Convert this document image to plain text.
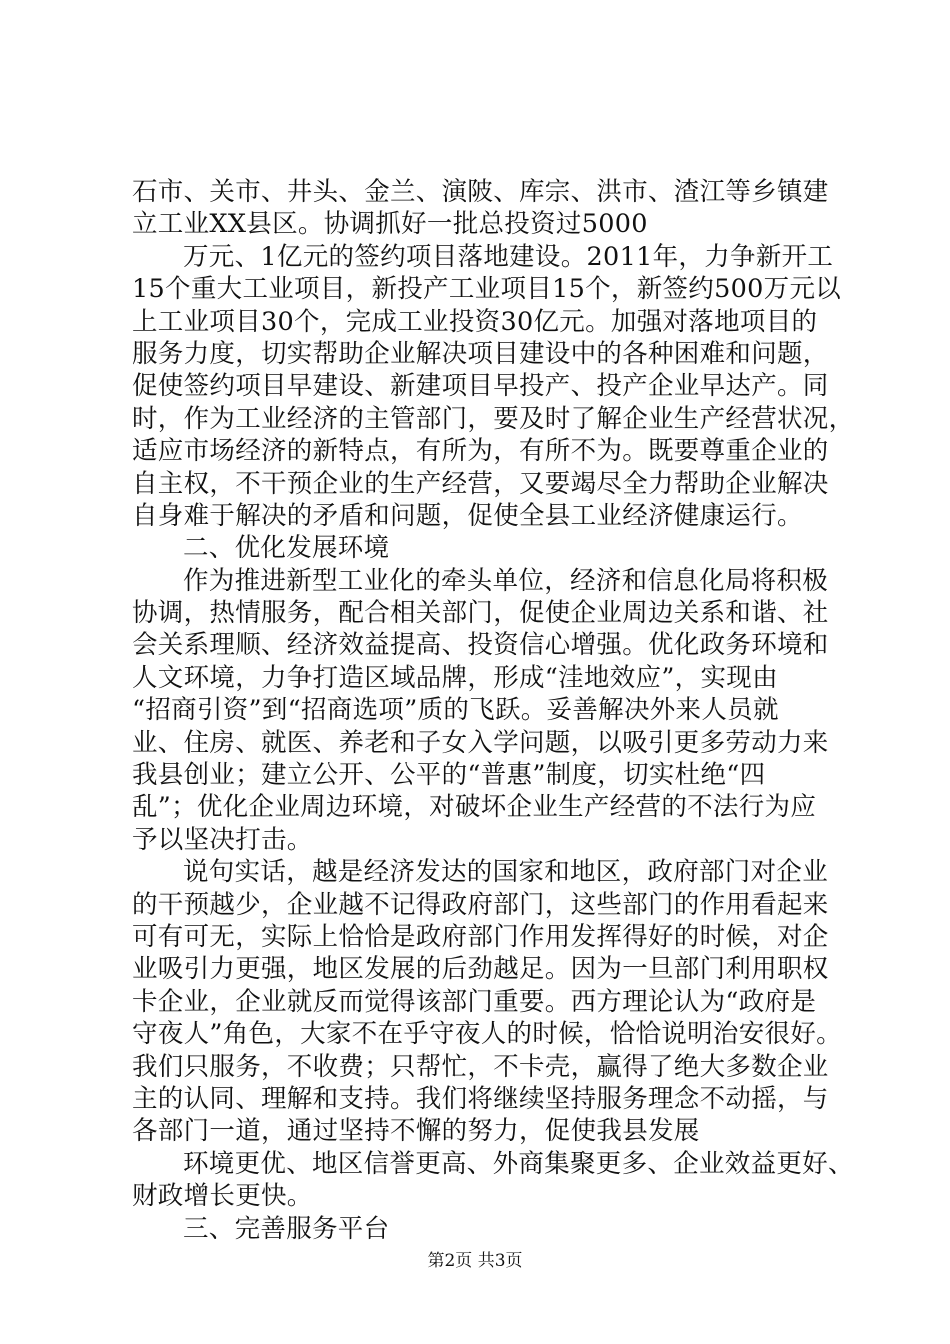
石市、关市、井头、金兰、演陂、库宗、洪市、渣江等乡镇建
立工业XX县区。协调抓好一批总投资过5000
万元、1亿元的签约项目落地建设。2011年，力争新开工
15个重大工业项目，新投产工业项目15个，新签约500万元以
上工业项目30个，完成工业投资30亿元。加强对落地项目的
服务力度，切实帮助企业解决项目建设中的各种困难和问题，
促使签约项目早建设、新建项目早投产、投产企业早达产。同
时，作为工业经济的主管部门，要及时了解企业生产经营状况，
适应市场经济的新特点，有所为，有所不为。既要尊重企业的
自主权，不干预企业的生产经营，又要竭尽全力帮助企业解决
自身难于解决的矛盾和问题，促使全县工业经济健康运行。
二、优化发展环境
作为推进新型工业化的牵头单位，经济和信息化局将积极
协调，热情服务，配合相关部门，促使企业周边关系和谐、社
会关系理顺、经济效益提高、投资信心增强。优化政务环境和
人文环境，力争打造区域品牌，形成“洼地效应”，实现由
“招商引资”到“招商选项”质的飞跃。妥善解决外来人员就
业、住房、就医、养老和子女入学问题，以吸引更多劳动力来
我县创业；建立公开、公平的“普惠”制度，切实杜绝“四
乱”；优化企业周边环境，对破坏企业生产经营的不法行为应
予以坚决打击。
说句实话，越是经济发达的国家和地区，政府部门对企业
的干预越少，企业越不记得政府部门，这些部门的作用看起来
可有可无，实际上恰恰是政府部门作用发挥得好的时候，对企
业吸引力更强，地区发展的后劲越足。因为一旦部门利用职权
卡企业，企业就反而觉得该部门重要。西方理论认为“政府是
守夜人”角色，大家不在乎守夜人的时候，恰恰说明治安很好。
我们只服务，不收费；只帮忙，不卡壳，赢得了绝大多数企业
主的认同、理解和支持。我们将继续坚持服务理念不动摇，与
各部门一道，通过坚持不懈的努力，促使我县发展
环境更优、地区信誉更高、外商集聚更多、企业效益更好、
财政增长更快。
三、完善服务平台
第2页 共3页
